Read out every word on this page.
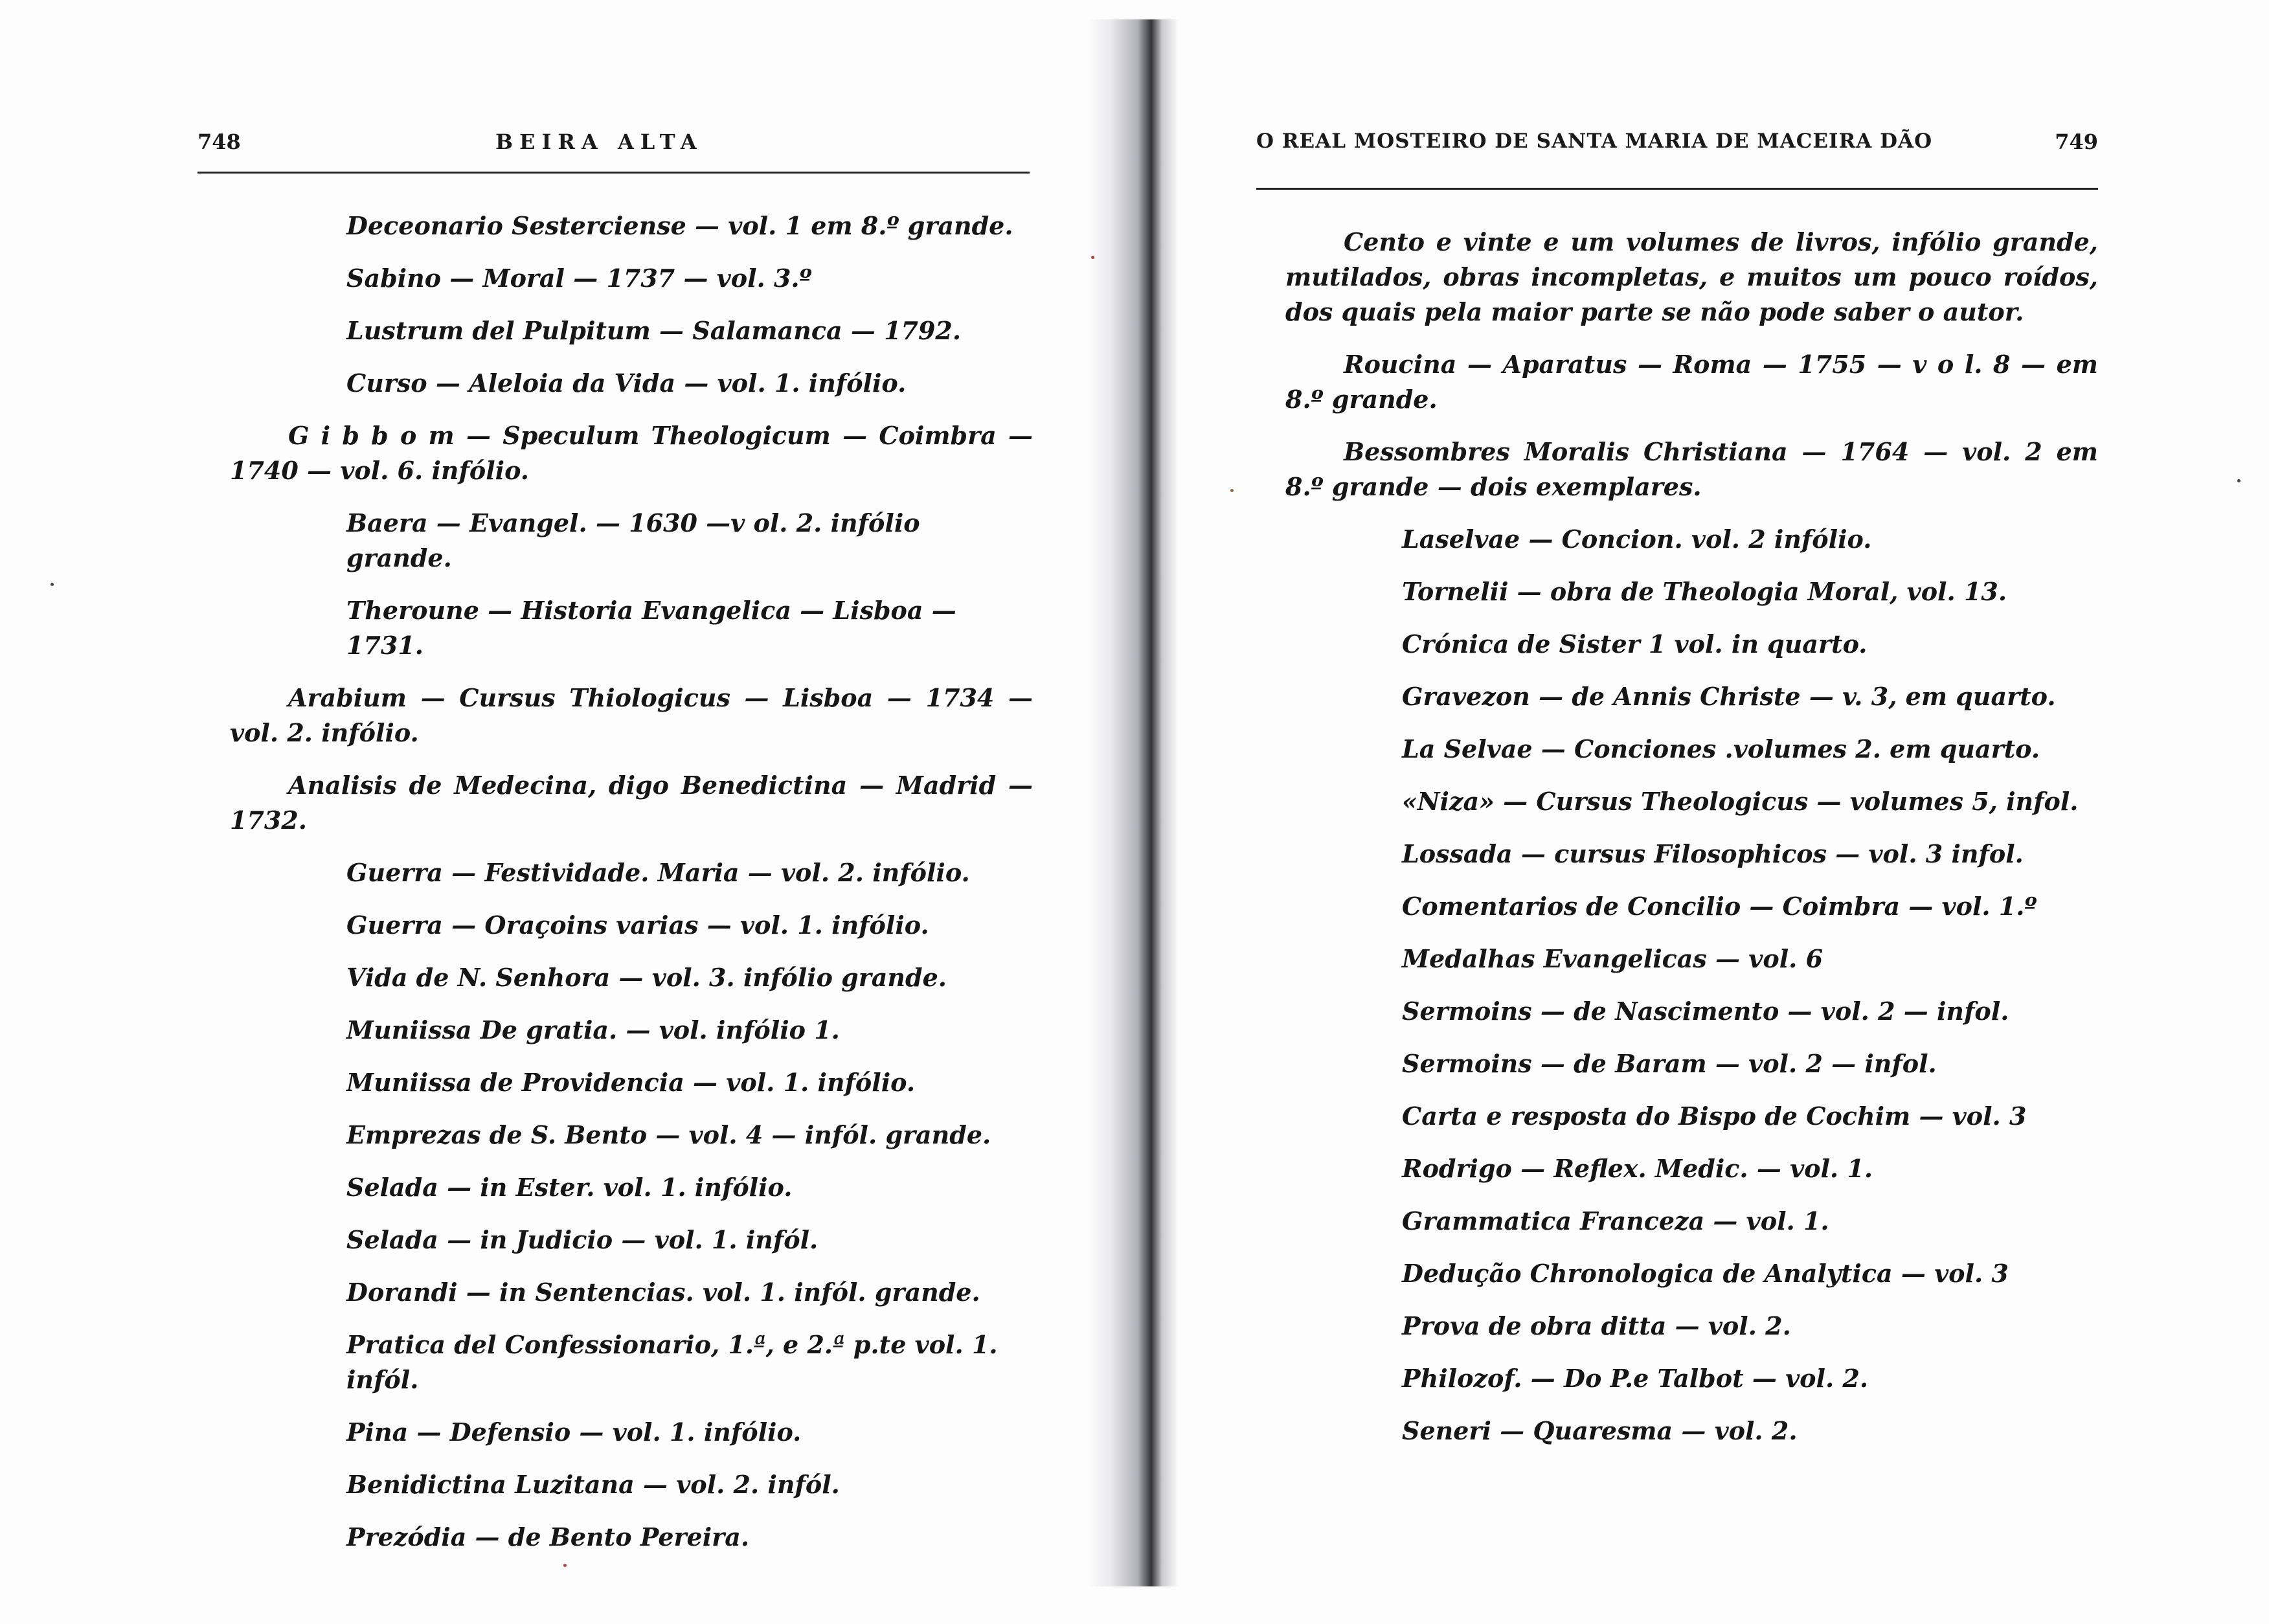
748	BEIRA ALTA

Deceonario Sesterciense — vol. 1 em 8.º grande.

Sabino — Moral — 1737 — vol. 3.º

Lustrum del Pulpitum — Salamanca — 1792.

Curso — Aleloia da Vida — vol. 1. infólio.

G i b b o m — Speculum Theologicum — Coimbra — 1740 — vol. 6. infólio.

Baera — Evangel. — 1630 —v ol. 2. infólio grande.

Theroune — Historia Evangelica — Lisboa — 1731.

Arabium — Cursus Thiologicus — Lisboa — 1734 — vol. 2. infólio.

Analisis de Medecina, digo Benedictina — Madrid — 1732.

Guerra — Festividade. Maria — vol. 2. infólio.

Guerra — Oraçoins varias — vol. 1. infólio.

Vida de N. Senhora — vol. 3. infólio grande.

Muniissa De gratia. — vol. infólio 1.

Muniissa de Providencia — vol. 1. infólio.

Emprezas de S. Bento — vol. 4 — infól. grande.

Selada — in Ester. vol. 1. infólio.

Selada — in Judicio — vol. 1. infól.

Dorandi — in Sentencias. vol. 1. infól. grande.

Pratica del Confessionario, 1.ª, e 2.ª p.te vol. 1. infól.

Pina — Defensio — vol. 1. infólio.

Benidictina Luzitana — vol. 2. infól.

Prezódia — de Bento Pereira.

O REAL MOSTEIRO DE SANTA MARIA DE MACEIRA DÃO	749

Cento e vinte e um volumes de livros, infólio grande, mutilados, obras incompletas, e muitos um pouco roídos, dos quais pela maior parte se não pode saber o autor.

Roucina — Aparatus — Roma — 1755 — v o l. 8 — em 8.º grande.

Bessombres Moralis Christiana — 1764 — vol. 2 em 8.º grande — dois exemplares.

Laselvae — Concion. vol. 2 infólio.

Tornelii — obra de Theologia Moral, vol. 13.

Crónica de Sister 1 vol. in quarto.

Gravezon — de Annis Christe — v. 3, em quarto.

La Selvae — Conciones .volumes 2. em quarto.

«Niza» — Cursus Theologicus — volumes 5, infol.

Lossada — cursus Filosophicos — vol. 3 infol.

Comentarios de Concilio — Coimbra — vol. 1.º

Medalhas Evangelicas — vol. 6

Sermoins — de Nascimento — vol. 2 — infol.

Sermoins — de Baram — vol. 2 — infol.

Carta e resposta do Bispo de Cochim — vol. 3

Rodrigo — Reflex. Medic. — vol. 1.

Grammatica Franceza — vol. 1.

Dedução Chronologica de Analytica — vol. 3

Prova de obra ditta — vol. 2.

Philozof. — Do P.e Talbot — vol. 2.

Seneri — Quaresma — vol. 2.
